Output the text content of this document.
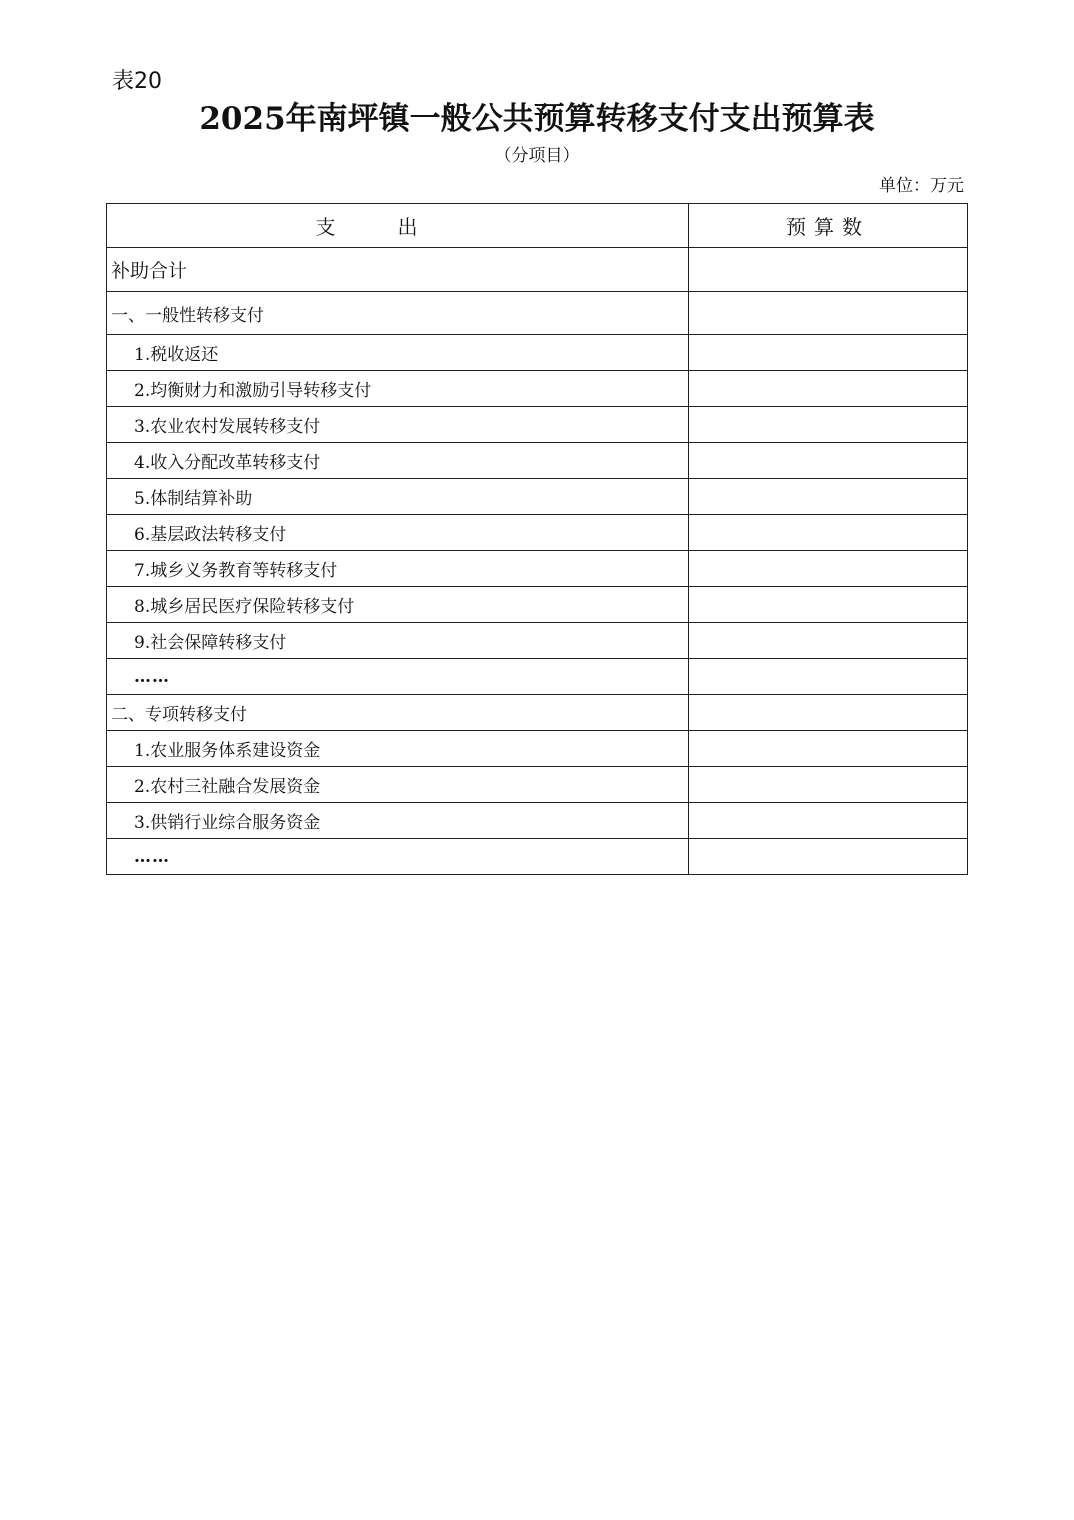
表20
2025年南坪镇一般公共预算转移支付支出预算表
（分项目）
单位：万元
支出	预算数
补助合计	
一、一般性转移支付	
1.税收返还	
2.均衡财力和激励引导转移支付	
3.农业农村发展转移支付	
4.收入分配改革转移支付	
5.体制结算补助	
6.基层政法转移支付	
7.城乡义务教育等转移支付	
8.城乡居民医疗保险转移支付	
9.社会保障转移支付	
……	
二、专项转移支付	
1.农业服务体系建设资金	
2.农村三社融合发展资金	
3.供销行业综合服务资金	
……	
